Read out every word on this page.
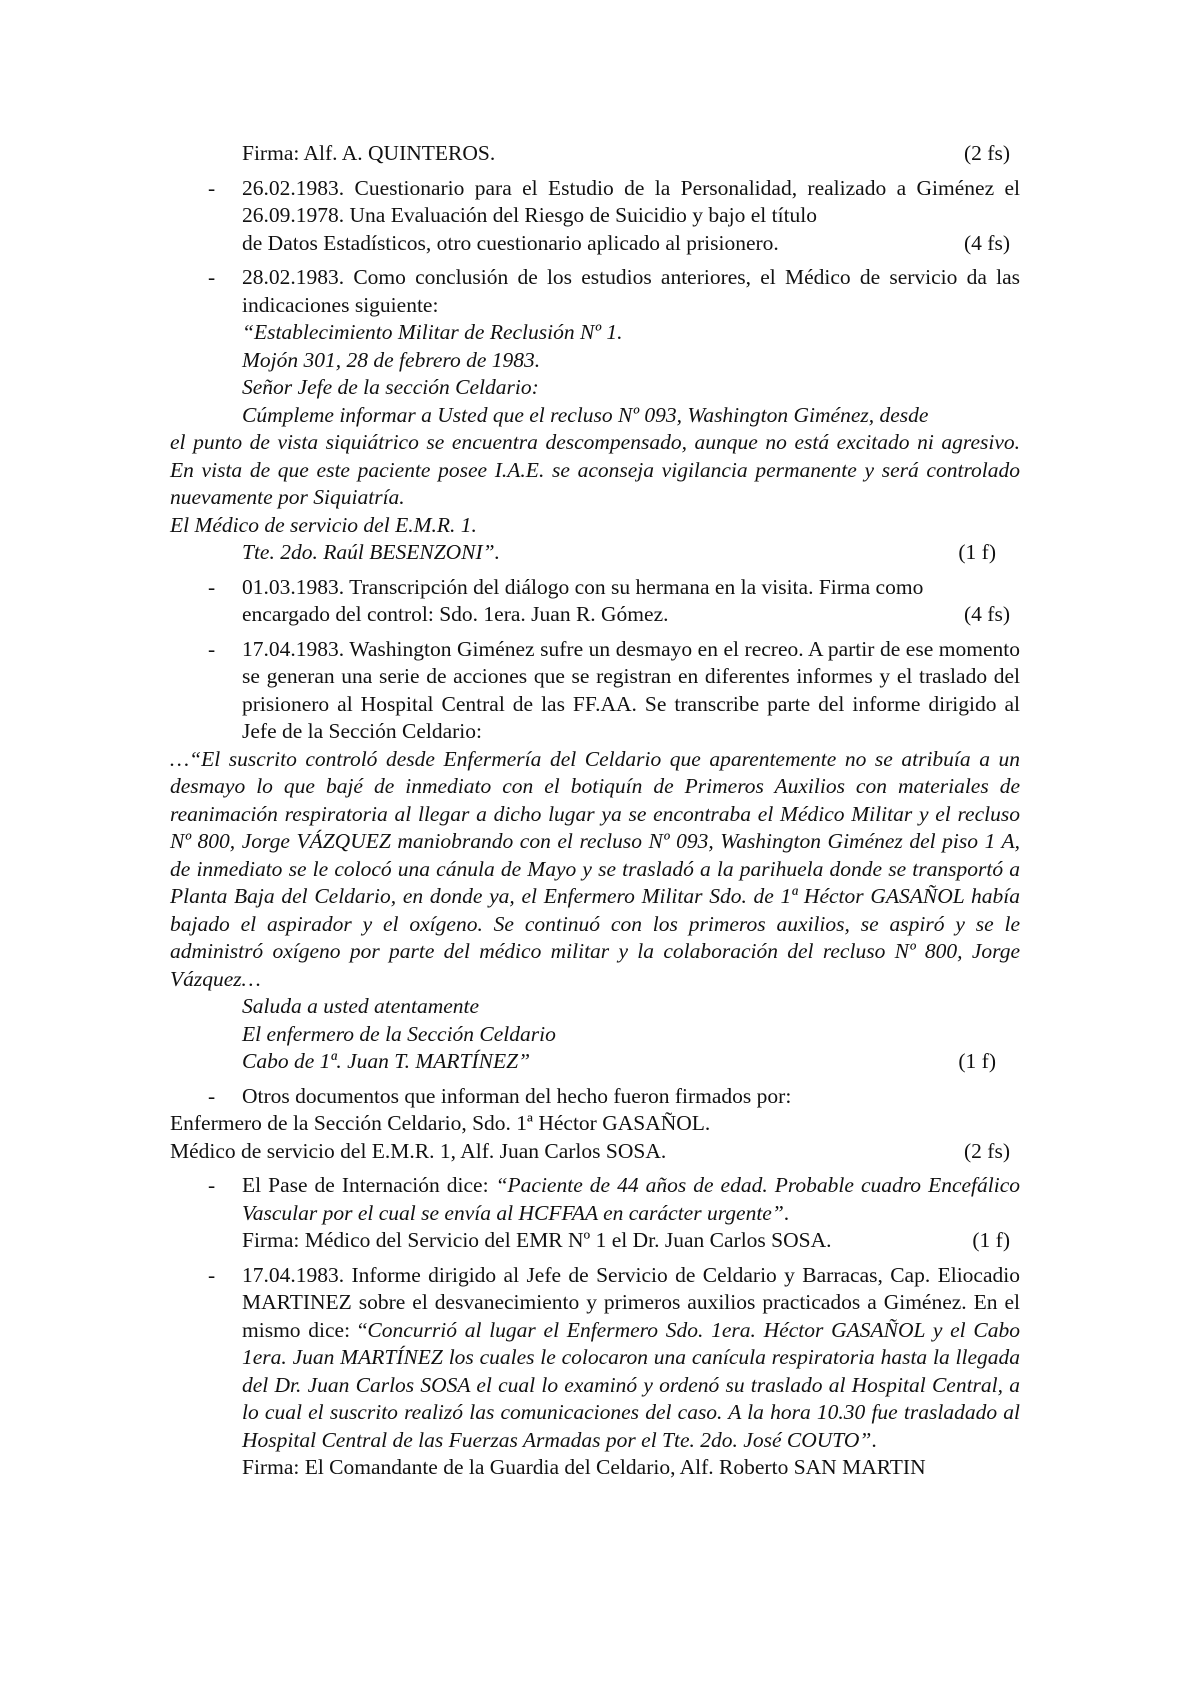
Firma: Alf. A. QUINTEROS.	(2 fs)
- 26.02.1983. Cuestionario para el Estudio de la Personalidad, realizado a Giménez el 26.09.1978. Una Evaluación del Riesgo de Suicidio y bajo el título
de Datos Estadísticos, otro cuestionario aplicado al prisionero.	(4 fs)
- 28.02.1983. Como conclusión de los estudios anteriores, el Médico de servicio da las indicaciones siguiente:
“Establecimiento Militar de Reclusión Nº 1.
Mojón 301, 28 de febrero de 1983.
Señor Jefe de la sección Celdario:
Cúmpleme informar a Usted que el recluso Nº 093, Washington Giménez, desde
el punto de vista siquiátrico se encuentra descompensado, aunque no está excitado ni agresivo. En vista de que este paciente posee I.A.E. se aconseja vigilancia permanente y será controlado nuevamente por Siquiatría.
El Médico de servicio del E.M.R. 1.
Tte. 2do. Raúl BESENZONI”.	(1 f)
- 01.03.1983. Transcripción del diálogo con su hermana en la visita. Firma como
encargado del control: Sdo. 1era. Juan R. Gómez.	(4 fs)
- 17.04.1983. Washington Giménez sufre un desmayo en el recreo. A partir de ese momento se generan una serie de acciones que se registran en diferentes informes y el traslado del prisionero al Hospital Central de las FF.AA. Se transcribe parte del informe dirigido al Jefe de la Sección Celdario:
…“El suscrito controló desde Enfermería del Celdario que aparentemente no se atribuía a un desmayo lo que bajé de inmediato con el botiquín de Primeros Auxilios con materiales de reanimación respiratoria al llegar a dicho lugar ya se encontraba el Médico Militar y el recluso Nº 800, Jorge VÁZQUEZ maniobrando con el recluso Nº 093, Washington Giménez del piso 1 A, de inmediato se le colocó una cánula de Mayo y se trasladó a la parihuela donde se transportó a Planta Baja del Celdario, en donde ya, el Enfermero Militar Sdo. de 1ª Héctor GASAÑOL había bajado el aspirador y el oxígeno. Se continuó con los primeros auxilios, se aspiró y se le administró oxígeno por parte del médico militar y la colaboración del recluso Nº 800, Jorge Vázquez…
Saluda a usted atentamente
El enfermero de la Sección Celdario
Cabo de 1ª. Juan T. MARTÍNEZ”	(1 f)
- Otros documentos que informan del hecho fueron firmados por:
Enfermero de la Sección Celdario, Sdo. 1ª Héctor GASAÑOL.
Médico de servicio del E.M.R. 1, Alf. Juan Carlos SOSA.	(2 fs)
- El Pase de Internación dice: “Paciente de 44 años de edad. Probable cuadro Encefálico Vascular por el cual se envía al HCFFAA en carácter urgente”.
Firma: Médico del Servicio del EMR Nº 1 el Dr. Juan Carlos SOSA.	(1 f)
- 17.04.1983. Informe dirigido al Jefe de Servicio de Celdario y Barracas, Cap. Eliocadio MARTINEZ sobre el desvanecimiento y primeros auxilios practicados a Giménez. En el mismo dice: “Concurrió al lugar el Enfermero Sdo. 1era. Héctor GASAÑOL y el Cabo 1era. Juan MARTÍNEZ los cuales le colocaron una canícula respiratoria hasta la llegada del Dr. Juan Carlos SOSA el cual lo examinó y ordenó su traslado al Hospital Central, a lo cual el suscrito realizó las comunicaciones del caso. A la hora 10.30 fue trasladado al Hospital Central de las Fuerzas Armadas por el Tte. 2do. José COUTO”.
Firma: El Comandante de la Guardia del Celdario, Alf. Roberto SAN MARTIN
